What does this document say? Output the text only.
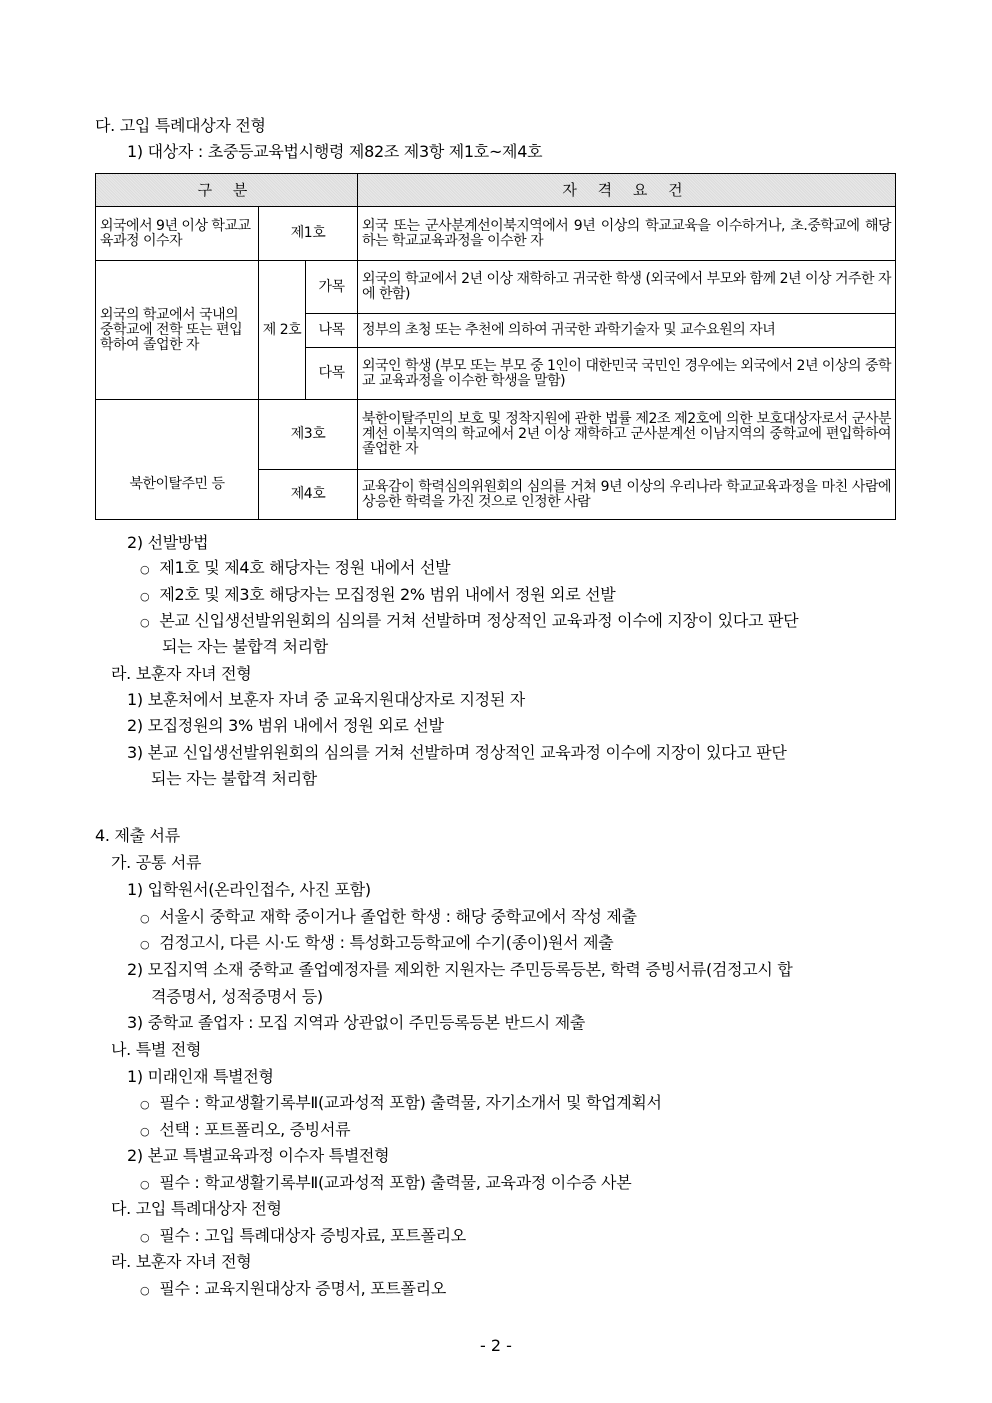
다. 고입 특례대상자 전형
1) 대상자 : 초중등교육법시행령 제82조 제3항 제1호~제4호
구 분			자 격 요 건
외국에서 9년 이상 학교교육과정 이수자	제1호		외국 또는 군사분계선이북지역에서 9년 이상의 학교교육을 이수하거나, 초.중학교에 해당하는 학교교육과정을 이수한 자
외국의 학교에서 국내의 중학교에 전학 또는 편입학하여 졸업한 자	제 2호	가목	외국의 학교에서 2년 이상 재학하고 귀국한 학생 (외국에서 부모와 함께 2년 이상 거주한 자에 한함)
		나목	정부의 초청 또는 추천에 의하여 귀국한 과학기술자 및 교수요원의 자녀
		다목	외국인 학생 (부모 또는 부모 중 1인이 대한민국 국민인 경우에는 외국에서 2년 이상의 중학교 교육과정을 이수한 학생을 말함)
북한이탈주민 등	제3호		북한이탈주민의 보호 및 정착지원에 관한 법률 제2조 제2호에 의한 보호대상자로서 군사분계선 이북지역의 학교에서 2년 이상 재학하고 군사분계선 이남지역의 중학교에 편입학하여 졸업한 자
	제4호		교육감이 학력심의위원회의 심의를 거쳐 9년 이상의 우리나라 학교교육과정을 마친 사람에 상응한 학력을 가진 것으로 인정한 사람
2) 선발방법
○ 제1호 및 제4호 해당자는 정원 내에서 선발
○ 제2호 및 제3호 해당자는 모집정원 2% 범위 내에서 정원 외로 선발
○ 본교 신입생선발위원회의 심의를 거쳐 선발하며 정상적인 교육과정 이수에 지장이 있다고 판단
되는 자는 불합격 처리함
라. 보훈자 자녀 전형
1) 보훈처에서 보훈자 자녀 중 교육지원대상자로 지정된 자
2) 모집정원의 3% 범위 내에서 정원 외로 선발
3) 본교 신입생선발위원회의 심의를 거쳐 선발하며 정상적인 교육과정 이수에 지장이 있다고 판단
되는 자는 불합격 처리함
4. 제출 서류
가. 공통 서류
1) 입학원서(온라인접수, 사진 포함)
○ 서울시 중학교 재학 중이거나 졸업한 학생 : 해당 중학교에서 작성 제출
○ 검정고시, 다른 시·도 학생 : 특성화고등학교에 수기(종이)원서 제출
2) 모집지역 소재 중학교 졸업예정자를 제외한 지원자는 주민등록등본, 학력 증빙서류(검정고시 합
격증명서, 성적증명서 등)
3) 중학교 졸업자 : 모집 지역과 상관없이 주민등록등본 반드시 제출
나. 특별 전형
1) 미래인재 특별전형
○ 필수 : 학교생활기록부Ⅱ(교과성적 포함) 출력물, 자기소개서 및 학업계획서
○ 선택 : 포트폴리오, 증빙서류
2) 본교 특별교육과정 이수자 특별전형
○ 필수 : 학교생활기록부Ⅱ(교과성적 포함) 출력물, 교육과정 이수증 사본
다. 고입 특례대상자 전형
○ 필수 : 고입 특례대상자 증빙자료, 포트폴리오
라. 보훈자 자녀 전형
○ 필수 : 교육지원대상자 증명서, 포트폴리오
- 2 -
